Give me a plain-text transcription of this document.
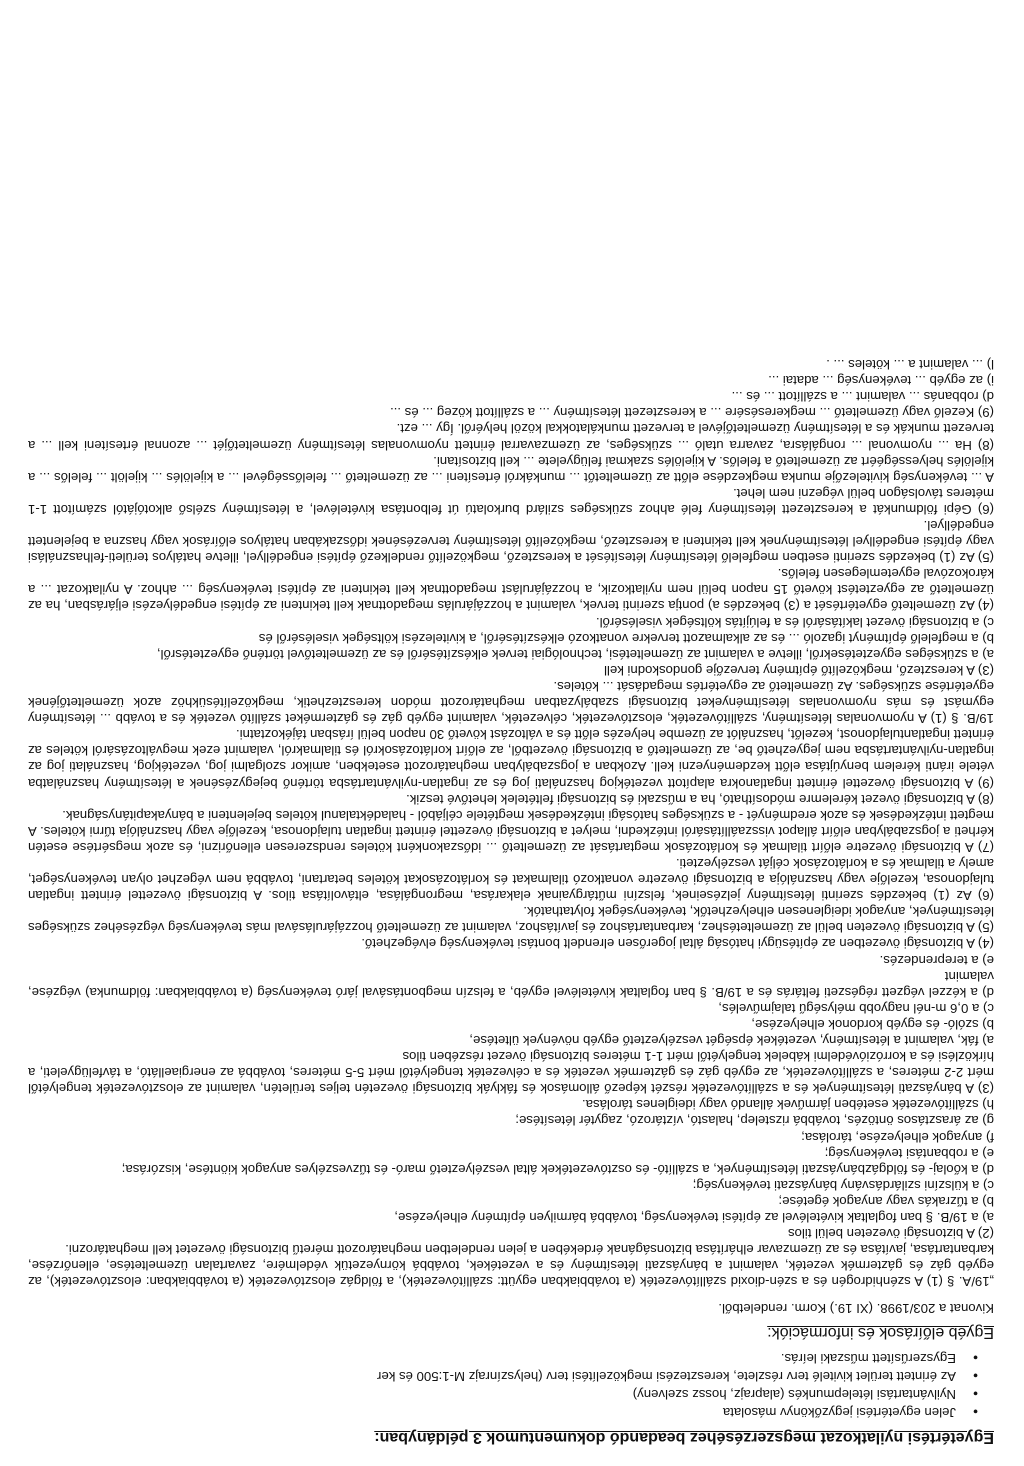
Egyetértési nyilatkozat megszerzéséhez beadandó dokumentumok 3 példányban:
• Jelen egyetértési jegyzőkönyv másolata
• Nyilvántartási lételepmunkés (alaprajz, hossz szelveny)
• Az érintett terület kivitelé terv részlete, keresztezési megközelítési terv (helyszínrajz M-1:500 és ker
• Egyszerűsített műszaki leírás.
Egyéb előírások és információk:
Kivonat a 203/1998. (XI 19.) Korm. rendeletből.

„19/A. § (1) A szénhidrogén és a szén-dioxid szállítóvezeték (a továbbiakban együtt: szállítóvezeték), a földgáz elosztóvezeték (a továbbiakban: elosztóvezeték), az egyéb gáz és gáztermék vezeték, valamint a bányászati létesítmény és a vezetékek, továbbá környezetük védelmére, zavartalan üzemeltetése, ellenőrzése, karbantartása, javítása és az üzemzavar elhárítása biztonságának érdekében a jelen rendeletben meghatározott méretű biztonsági övezetet kell meghatározni.

(2) A biztonsági övezeten belül tilos

a) a 19/B. § ban foglaltak kivételével az építési tevékenység, továbbá bármilyen építmény elhelyezése,

b) a tűzrakás vagy anyagok égetése;

c) a külszíni szilárdásvány bányászati tevékenység;

d) a kőolaj- és földgázbányászati létesítmények, a szállító- és osztóvezetékek által veszélyeztető maró- és tűzveszélyes anyagok kiöntése, kiszórása;

e) a robbantási tevékenység;

f) anyagok elhelyezése, tárolása;

g) az árasztásos öntözés, továbbá rizstelep, halastó, víztározó, zagytér létesítése;

h) szállítóvezeték esetében járművek állandó vagy ideiglenes tárolása.

(3) A bányászati létesítmények és a szállítóvezeték részét képező állomások és fáklyák biztonsági övezetén teljes területén, valamint az elosztóvezeték tengelyétől mért 2-2 méteres, a szállítóvezeték, az egyéb gáz és gáztermék vezeték és a célvezeték tengelyétől mért 5-5 méteres, továbbá az energiaellátó, a távfelügyeleti, a hírközlési és a korrózióvédelmi kábelek tengelyétől mért 1-1 méteres biztonsági övezet részében tilos

a) fák, valamint a létesítmény, vezetékek épségét veszélyeztető egyéb növények ültetése,

b) szóló- és egyéb kordonok elhelyezése,

c) a 0,6 m-nél nagyobb mélységű talajművelés,

d) a kézzel végzett régészeti feltárás és a 19/B. § ban foglaltak kivételével egyéb, a felszín megbontásával járó tevékenység (a továbbiakban: földmunka) végzése, valamint

e) a tereprendezés.

(4) A biztonsági övezetben az építésügyi hatóság által jogerősen elrendelt bontási tevékenység elvégezhető.

(5) A biztonsági övezeten belül az üzemeltetéshez, karbantartáshoz és javításhoz, valamint az üzemeltető hozzájárulásával más tevékenység végzéséhez szükséges létesítmények, anyagok ideiglenesen elhelyezhetők, tevékenységek folytathatók.

(6) Az (1) bekezdés szerinti létesítmény jelzéseinek, felszíni műtárgyainak elakarása, megrongálása, eltávolítása tilos. A biztonsági övezettel érintett ingatlan tulajdonosa, kezelője vagy használója a biztonsági övezetre vonatkozó tilalmakat és korlátozásokat köteles betartani, továbbá nem végezhet olyan tevékenységet, amely a tilalmak és a korlátozások célját veszélyezteti.

(7) A biztonsági övezetre előírt tilalmak és korlátozások megtartását az üzemeltető ... időszakonként köteles rendszeresen ellenőrizni, és azok megsértése esetén kérheti a jogszabályban előírt állapot visszaállításáról intézkedni, melyet a biztonsági övezettel érintett ingatlan tulajdonosa, kezelője vagy használója tűrni köteles. A megtett intézkedések és azok eredményét - a szükséges hatósági intézkedések megtétele céljából - haladéktalanul köteles bejelenteni a bányakapitányságnak.

(8) A biztonsági övezet kérelemre módosítható, ha a műszaki és biztonsági feltételek lehetővé teszik.

(9) A biztonsági övezettel érintett ingatlanokra alapított vezetékjog használati jog és az ingatlan-nyilvántartásba történő bejegyzésének a létesítmény használatba vétele iránti kérelem benyújtása előtt kezdeményezni kell. Azokban a jogszabályban meghatározott esetekben, amikor szolgalmi jog, vezetékjog, használati jog az ingatlan-nyilvántartásba nem jegyezhető be, az üzemeltető a biztonsági övezetből, az előírt korlátozásokról és tilalmakról, valamint ezek megváltozásáról köteles az érintett ingatlantulajdonost, kezelőt, használót az üzembe helyezés előtt és a változást követő 30 napon belül írásban tájékoztatni.

19/B. § (1) A nyomvonalas létesítmény, szállítóvezeték, elosztóvezeték, célvezeték, valamint egyéb gáz és gázterméket szállító vezeték és a tovább ... létesítmény egymást és más nyomvonalas létesítményeket biztonsági szabályzatban meghatározott módon keresztezhetik, megközelítésükhöz azok üzemeltetőjének egyetértése szükséges. Az üzemeltető az egyetértés megadását ... köteles.

(3) A keresztező, megközelítő építmény tervezője gondoskodni kell

a) a szükséges egyeztetésekről, illetve a valamint az üzemeltetési, technológiai tervek elkészítéséről és az üzemeltetővel történő egyeztetésről,

b) a megfelelő építményt igazoló ... és az alkalmazott tervekre vonatkozó elkészítéséről, a kivitelezési költségek viseléséről és

c) a biztonsági övezet lakításáról és a felújítás költségek viseléséről.

(4) Az üzemeltető egyetértését a (3) bekezdés a) pontja szerinti tervek, valamint a hozzájárulás megadottnak kell tekinteni az építési engedélyezési eljárásban, ha az üzemeltető az egyeztetést követő 15 napon belül nem nyilatkozik, a hozzájárulást megadottnak kell tekinteni az építési tevékenység ... ahhoz. A nyilatkozat ... a károkozóval egyetemlegesen felelős.

(5) Az (1) bekezdés szerinti esetben megfelelő létesítmény létesítését a keresztező, megközelítő rendelkező építési engedéllyel, illetve hatályos területi-felhasználási vagy építési engedéllyel létesítménynek kell tekinteni a keresztező, megközelítő létesítmény tervezésének időszakában hatályos előírások vagy haszna a bejelentett engedéllyel.

(6) Gépi földmunkát a keresztezett létesítmény felé ahhoz szükséges szilárd burkolatú út felbontása kivételével, a létesítmény szélső alkotójától számított 1-1 méteres távolságon belül végezni nem lehet.

A ... tevékenység kivitelezője munka megkezdése előtt az üzemeltetőt ... munkákról értesíteni ... az üzemeltető ... felelősségével ... a kijelölés ... kijelölt ... felelős ... a kijelölés helyességéért az üzemeltető a felelős. A kijelölés szakmai felügyelete ... kell biztosítani.

(8) Ha ... nyomvonal ... rongálásra, zavarra utaló ... szükséges, az üzemzavarral érintett nyomvonalas létesítmény üzemeltetőjét ... azonnal értesíteni kell ... a tervezett munkák és a létesítmény üzemeltetőjével a tervezett munkálatokkal közöl helyéről. Így ... ezt.

(9) Kezelő vagy üzemeltető ... megkeresésére ... a keresztezett létesítmény ... a szállított közeg ... és ...

d) robbanás ... valamint ... a szállított ... és ...

i) az egyéb ... tevékenység ... adatai ...

l) ... valamint a ... köteles ... .
